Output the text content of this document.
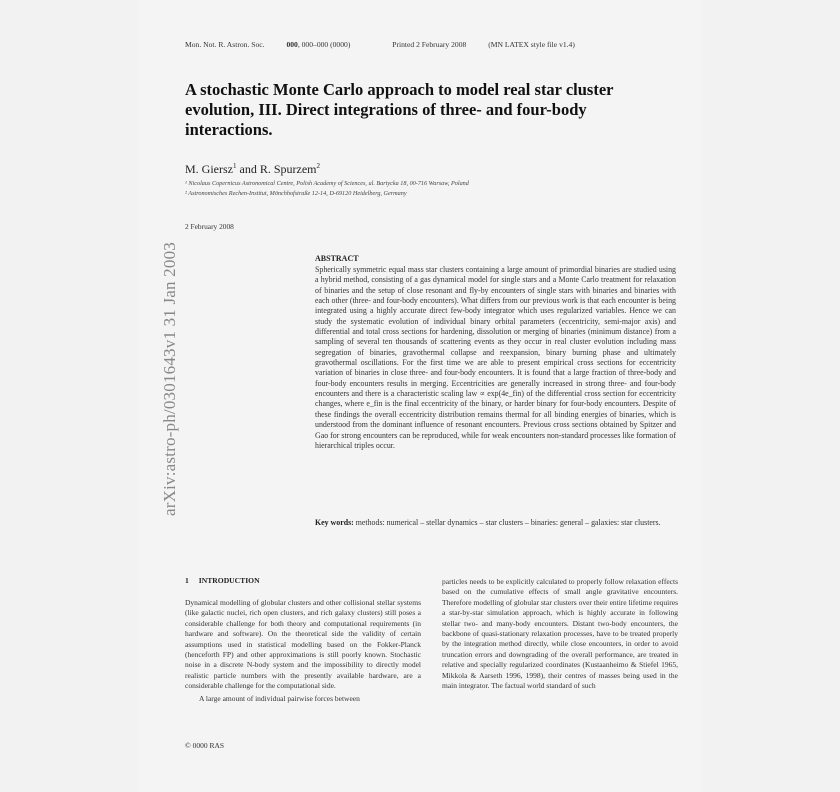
Mon. Not. R. Astron. Soc.	000, 000–000 (0000)	Printed 2 February 2008	(MN LATEX style file v1.4)
A stochastic Monte Carlo approach to model real star cluster evolution, III. Direct integrations of three- and four-body interactions.
M. Giersz$^1$ and R. Spurzem$^2$
¹ Nicolaus Copernicus Astronomical Centre, Polish Academy of Sciences, ul. Bartycka 18, 00-716 Warsaw, Poland
² Astronomisches Rechen-Institut, Mönchhofstraße 12-14, D-69120 Heidelberg, Germany
2 February 2008
arXiv:astro-ph/0301643v1 31 Jan 2003	ABSTRACT
Spherically symmetric equal mass star clusters containing a large amount of primordial binaries are studied using a hybrid method, consisting of a gas dynamical model for single stars and a Monte Carlo treatment for relaxation of binaries and the setup of close resonant and fly-by encounters of single stars with binaries and binaries with each other (three- and four-body encounters). What differs from our previous work is that each encounter is being integrated using a highly accurate direct few-body integrator which uses regularized variables. Hence we can study the systematic evolution of individual binary orbital parameters (eccentricity, semi-major axis) and differential and total cross sections for hardening, dissolution or merging of binaries (minimum distance) from a sampling of several ten thousands of scattering events as they occur in real cluster evolution including mass segregation of binaries, gravothermal collapse and reexpansion, binary burning phase and ultimately gravothermal oscillations. For the first time we are able to present empirical cross sections for eccentricity variation of binaries in close three- and four-body encounters. It is found that a large fraction of three-body and four-body encounters results in merging. Eccentricities are generally increased in strong three- and four-body encounters and there is a characteristic scaling law ∝ exp(4e_fin) of the differential cross section for eccentricity changes, where e_fin is the final eccentricity of the binary, or harder binary for four-body encounters. Despite of these findings the overall eccentricity distribution remains thermal for all binding energies of binaries, which is understood from the dominant influence of resonant encounters. Previous cross sections obtained by Spitzer and Gao for strong encounters can be reproduced, while for weak encounters non-standard processes like formation of hierarchical triples occur.
Key words: methods: numerical – stellar dynamics – star clusters – binaries: general – galaxies: star clusters.
1 INTRODUCTION

Dynamical modelling of globular clusters and other collisional stellar systems (like galactic nuclei, rich open clusters, and rich galaxy clusters) still poses a considerable challenge for both theory and computational requirements (in hardware and software). On the theoretical side the validity of certain assumptions used in statistical modelling based on the Fokker-Planck (henceforth FP) and other approximations is still poorly known. Stochastic noise in a discrete N-body system and the impossibility to directly model realistic particle numbers with the presently available hardware, are a considerable challenge for the computational side.

A large amount of individual pairwise forces between

particles needs to be explicitly calculated to properly follow relaxation effects based on the cumulative effects of small angle gravitative encounters. Therefore modelling of globular star clusters over their entire lifetime requires a star-by-star simulation approach, which is highly accurate in following stellar two- and many-body encounters. Distant two-body encounters, the backbone of quasi-stationary relaxation processes, have to be treated properly by the integration method directly, while close encounters, in order to avoid truncation errors and downgrading of the overall performance, are treated in relative and specially regularized coordinates (Kustaanheimo & Stiefel 1965, Mikkola & Aarseth 1996, 1998), their centres of masses being used in the main integrator. The factual world standard of such

© 0000 RAS
